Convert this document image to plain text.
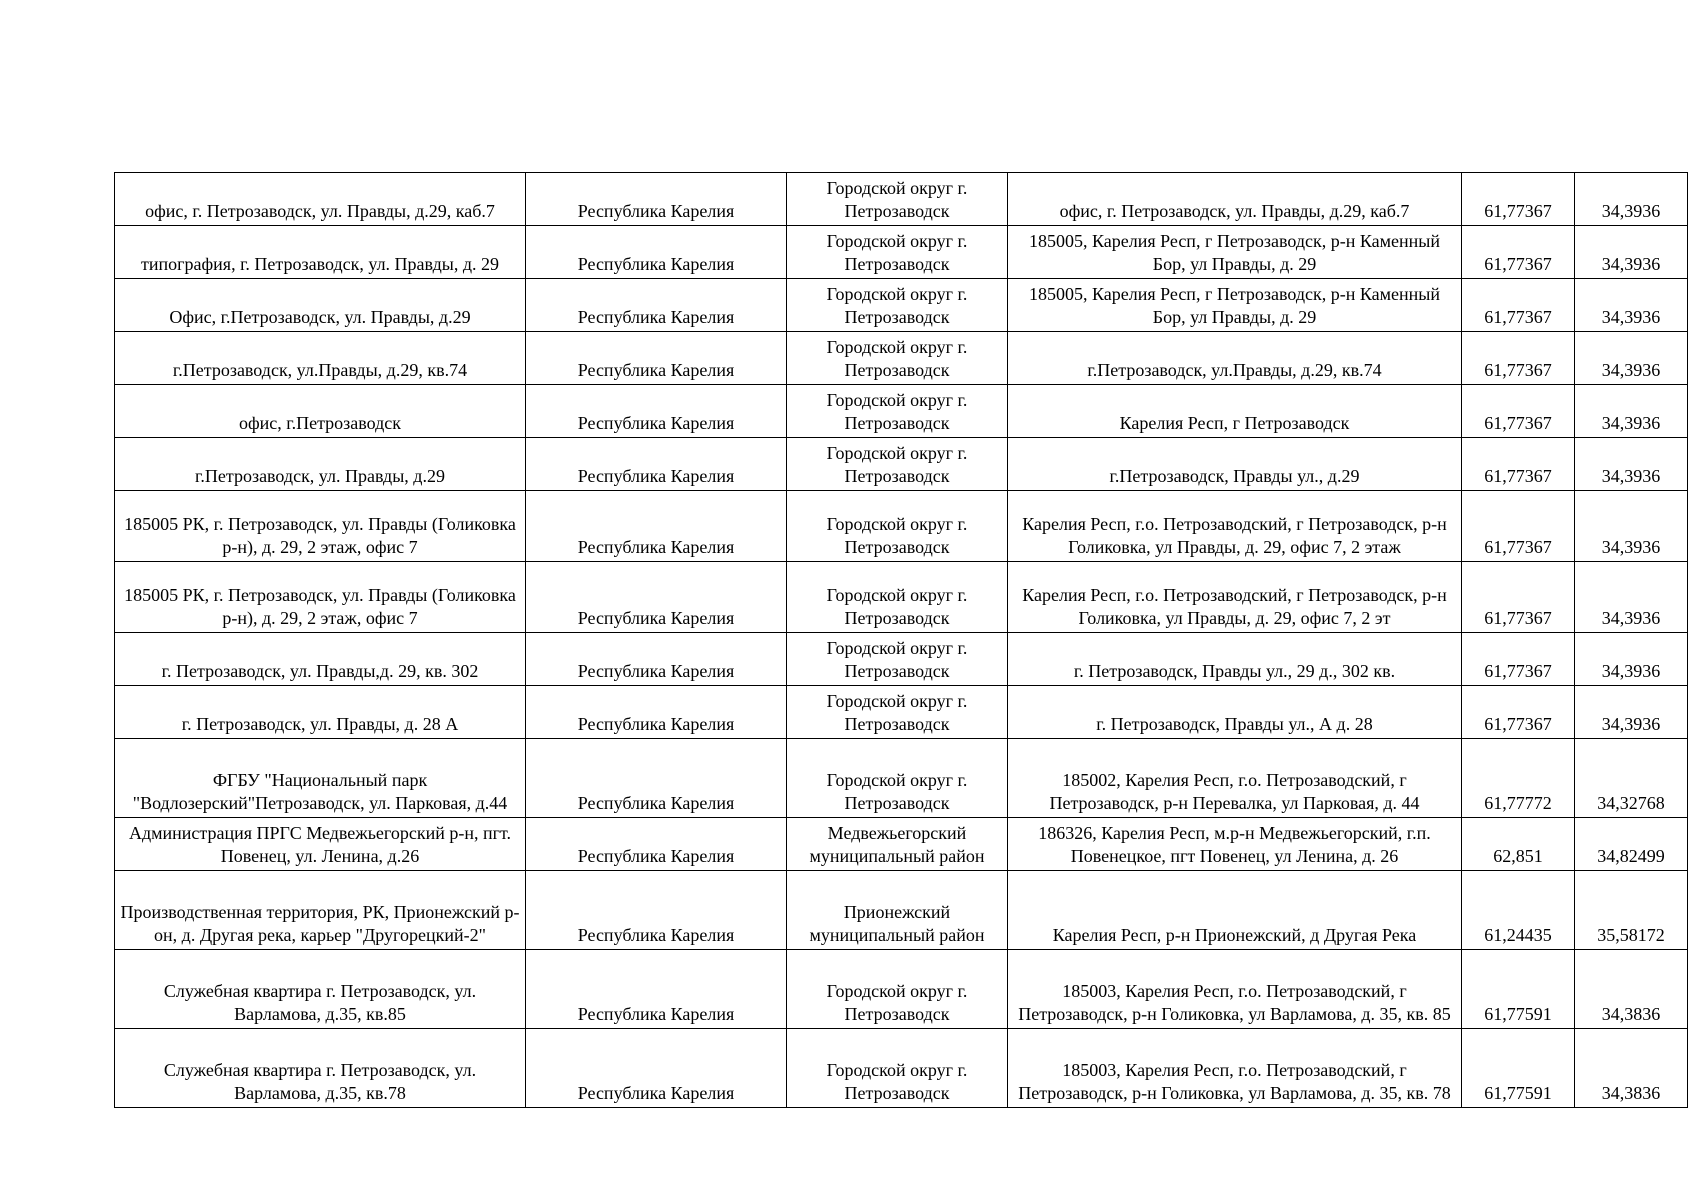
офис, г. Петрозаводск, ул. Правды, д.29, каб.7	Республика Карелия	Городской округ г. Петрозаводск	офис, г. Петрозаводск, ул. Правды, д.29, каб.7	61,77367	34,3936
типография, г. Петрозаводск, ул. Правды, д. 29	Республика Карелия	Городской округ г. Петрозаводск	185005, Карелия Респ, г Петрозаводск, р-н Каменный Бор, ул Правды, д. 29	61,77367	34,3936
Офис, г.Петрозаводск, ул. Правды, д.29	Республика Карелия	Городской округ г. Петрозаводск	185005, Карелия Респ, г Петрозаводск, р-н Каменный Бор, ул Правды, д. 29	61,77367	34,3936
г.Петрозаводск, ул.Правды, д.29, кв.74	Республика Карелия	Городской округ г. Петрозаводск	г.Петрозаводск, ул.Правды, д.29, кв.74	61,77367	34,3936
офис, г.Петрозаводск	Республика Карелия	Городской округ г. Петрозаводск	Карелия Респ, г Петрозаводск	61,77367	34,3936
г.Петрозаводск, ул. Правды, д.29	Республика Карелия	Городской округ г. Петрозаводск	г.Петрозаводск, Правды ул., д.29	61,77367	34,3936
185005 РК, г. Петрозаводск, ул. Правды (Голиковка р-н), д. 29, 2 этаж, офис 7	Республика Карелия	Городской округ г. Петрозаводск	Карелия Респ, г.о. Петрозаводский, г Петрозаводск, р-н Голиковка, ул Правды, д. 29, офис 7, 2 этаж	61,77367	34,3936
185005 РК, г. Петрозаводск, ул. Правды (Голиковка р-н), д. 29, 2 этаж, офис 7	Республика Карелия	Городской округ г. Петрозаводск	Карелия Респ, г.о. Петрозаводский, г Петрозаводск, р-н Голиковка, ул Правды, д. 29, офис 7, 2 эт	61,77367	34,3936
г. Петрозаводск, ул. Правды,д. 29, кв. 302	Республика Карелия	Городской округ г. Петрозаводск	г. Петрозаводск, Правды ул., 29 д., 302 кв.	61,77367	34,3936
г. Петрозаводск, ул. Правды, д. 28 А	Республика Карелия	Городской округ г. Петрозаводск	г. Петрозаводск, Правды ул., А д. 28	61,77367	34,3936
ФГБУ "Национальный парк "Водлозерский"Петрозаводск, ул. Парковая, д.44	Республика Карелия	Городской округ г. Петрозаводск	185002, Карелия Респ, г.о. Петрозаводский, г Петрозаводск, р-н Перевалка, ул Парковая, д. 44	61,77772	34,32768
Администрация ПРГС Медвежьегорский р-н, пгт. Повенец, ул. Ленина, д.26	Республика Карелия	Медвежьегорский муниципальный район	186326, Карелия Респ, м.р-н Медвежьегорский, г.п. Повенецкое, пгт Повенец, ул Ленина, д. 26	62,851	34,82499
Производственная территория, РК, Прионежский р-он, д. Другая река, карьер "Другорецкий-2"	Республика Карелия	Прионежский муниципальный район	Карелия Респ, р-н Прионежский, д Другая Река	61,24435	35,58172
Служебная квартира г. Петрозаводск, ул. Варламова, д.35, кв.85	Республика Карелия	Городской округ г. Петрозаводск	185003, Карелия Респ, г.о. Петрозаводский, г Петрозаводск, р-н Голиковка, ул Варламова, д. 35, кв. 85	61,77591	34,3836
Служебная квартира г. Петрозаводск, ул. Варламова, д.35, кв.78	Республика Карелия	Городской округ г. Петрозаводск	185003, Карелия Респ, г.о. Петрозаводский, г Петрозаводск, р-н Голиковка, ул Варламова, д. 35, кв. 78	61,77591	34,3836
